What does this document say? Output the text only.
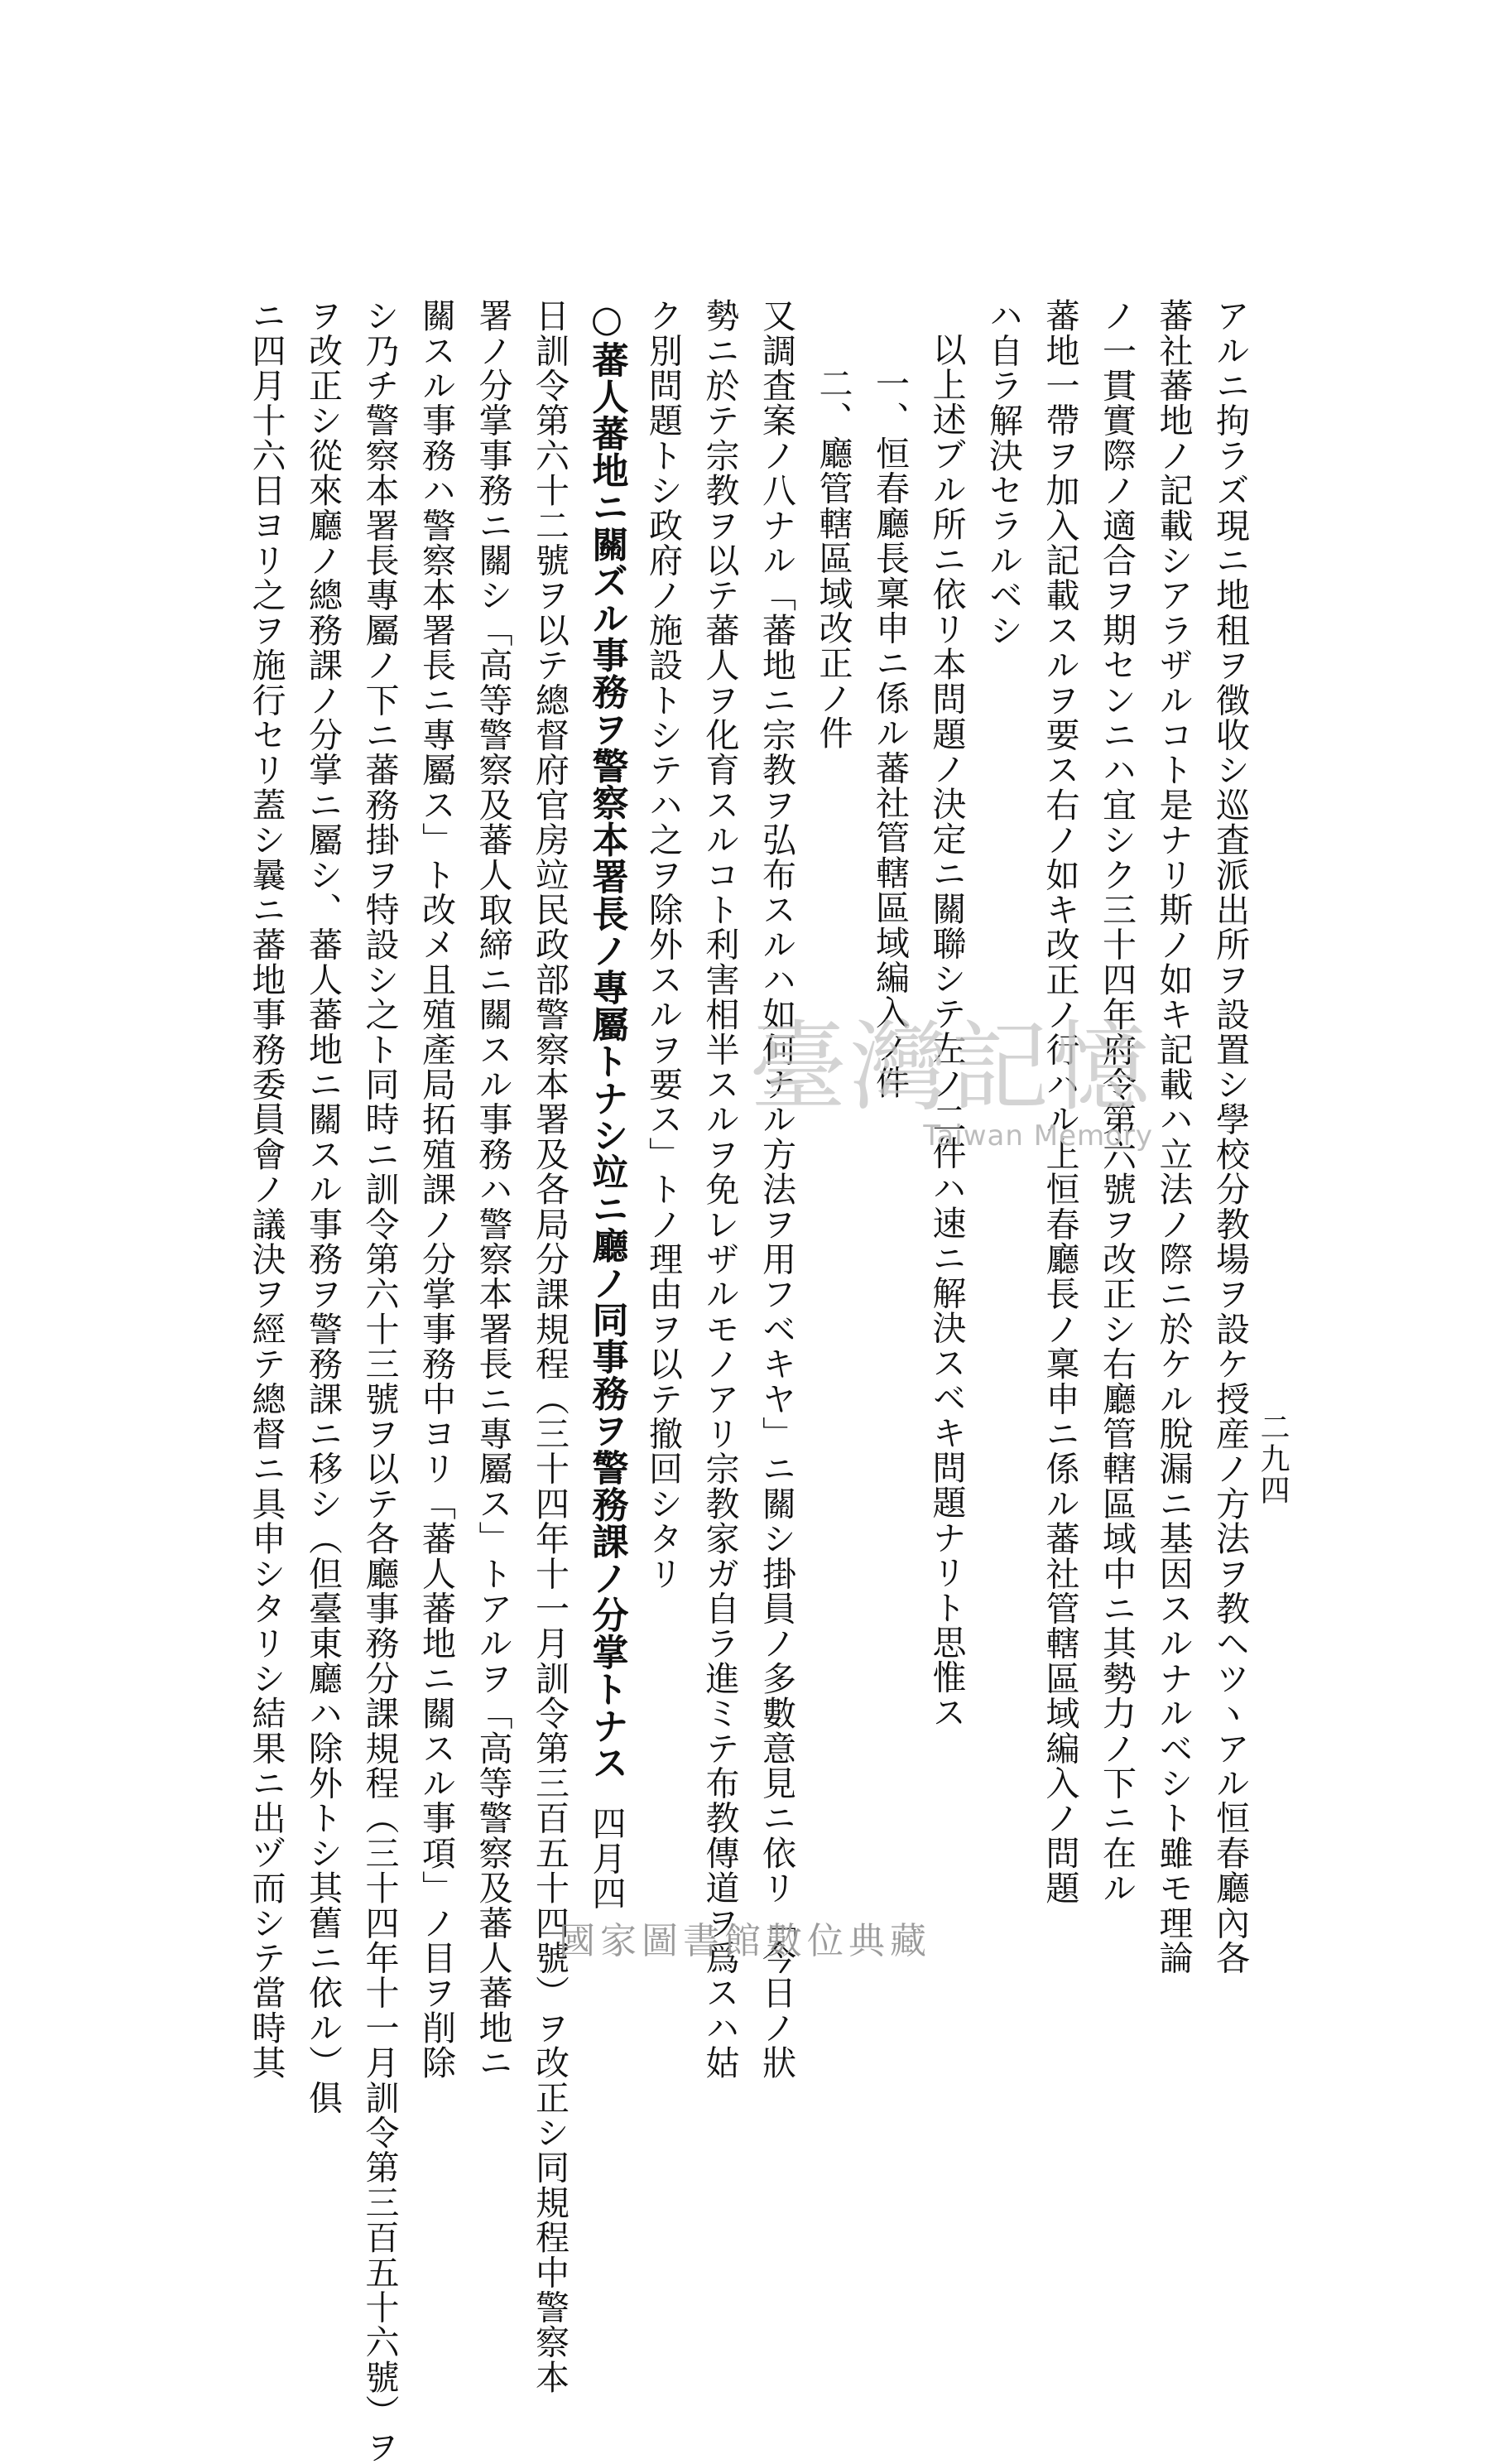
二九四
アルニ拘ラズ現ニ地租ヲ徴收シ巡査派出所ヲ設置シ學校分教場ヲ設ケ授産ノ方法ヲ教ヘツヽアル恒春廳內各
蕃社蕃地ノ記載シアラザルコト是ナリ斯ノ如キ記載ハ立法ノ際ニ於ケル脫漏ニ基因スルナルベシト雖モ理論
ノ一貫實際ノ適合ヲ期センニハ宜シク三十四年府令第六號ヲ改正シ右廳管轄區域中ニ其勢力ノ下ニ在ル
蕃地一帶ヲ加入記載スルヲ要ス右ノ如キ改正ノ行ハル上恒春廳長ノ稟申ニ係ル蕃社管轄區域編入ノ問題
ハ自ラ解決セラルベシ
以上述ブル所ニ依リ本問題ノ決定ニ關聯シテ左ノ二件ハ速ニ解決スベキ問題ナリト思惟ス
一、恒春廳長稟申ニ係ル蕃社管轄區域編入ノ件
二、廳管轄區域改正ノ件
又調査案ノ八ナル「蕃地ニ宗教ヲ弘布スルハ如何ナル方法ヲ用フベキヤ」ニ關シ掛員ノ多數意見ニ依リ「今日ノ狀
勢ニ於テ宗教ヲ以テ蕃人ヲ化育スルコト利害相半スルヲ免レザルモノアリ宗教家ガ自ラ進ミテ布教傳道ヲ爲スハ姑
ク別問題トシ政府ノ施設トシテハ之ヲ除外スルヲ要ス」トノ理由ヲ以テ撤回シタリ
○蕃人蕃地ニ關ズル事務ヲ警察本署長ノ專屬トナシ竝ニ廳ノ同事務ヲ警務課ノ分掌トナス四月四
日訓令第六十二號ヲ以テ總督府官房竝民政部警察本署及各局分課規程（三十四年十一月訓令第三百五十四號）ヲ改正シ同規程中警察本
署ノ分掌事務ニ關シ「高等警察及蕃人取締ニ關スル事務ハ警察本署長ニ專屬ス」トアルヲ「高等警察及蕃人蕃地ニ
關スル事務ハ警察本署長ニ專屬ス」ト改メ且殖產局拓殖課ノ分掌事務中ヨリ「蕃人蕃地ニ關スル事項」ノ目ヲ削除
シ乃チ警察本署長專屬ノ下ニ蕃務掛ヲ特設シ之ト同時ニ訓令第六十三號ヲ以テ各廳事務分課規程（三十四年十一月訓令第三百五十六號）ヲ
ヲ改正シ從來廳ノ總務課ノ分掌ニ屬シ、蕃人蕃地ニ關スル事務ヲ警務課ニ移シ（但臺東廳ハ除外トシ其舊ニ依ル）俱
ニ四月十六日ヨリ之ヲ施行セリ蓋シ曩ニ蕃地事務委員會ノ議決ヲ經テ總督ニ具申シタリシ結果ニ出ヅ而シテ當時其	臺灣記憶
Taiwan Memory
國家圖書館數位典藏
